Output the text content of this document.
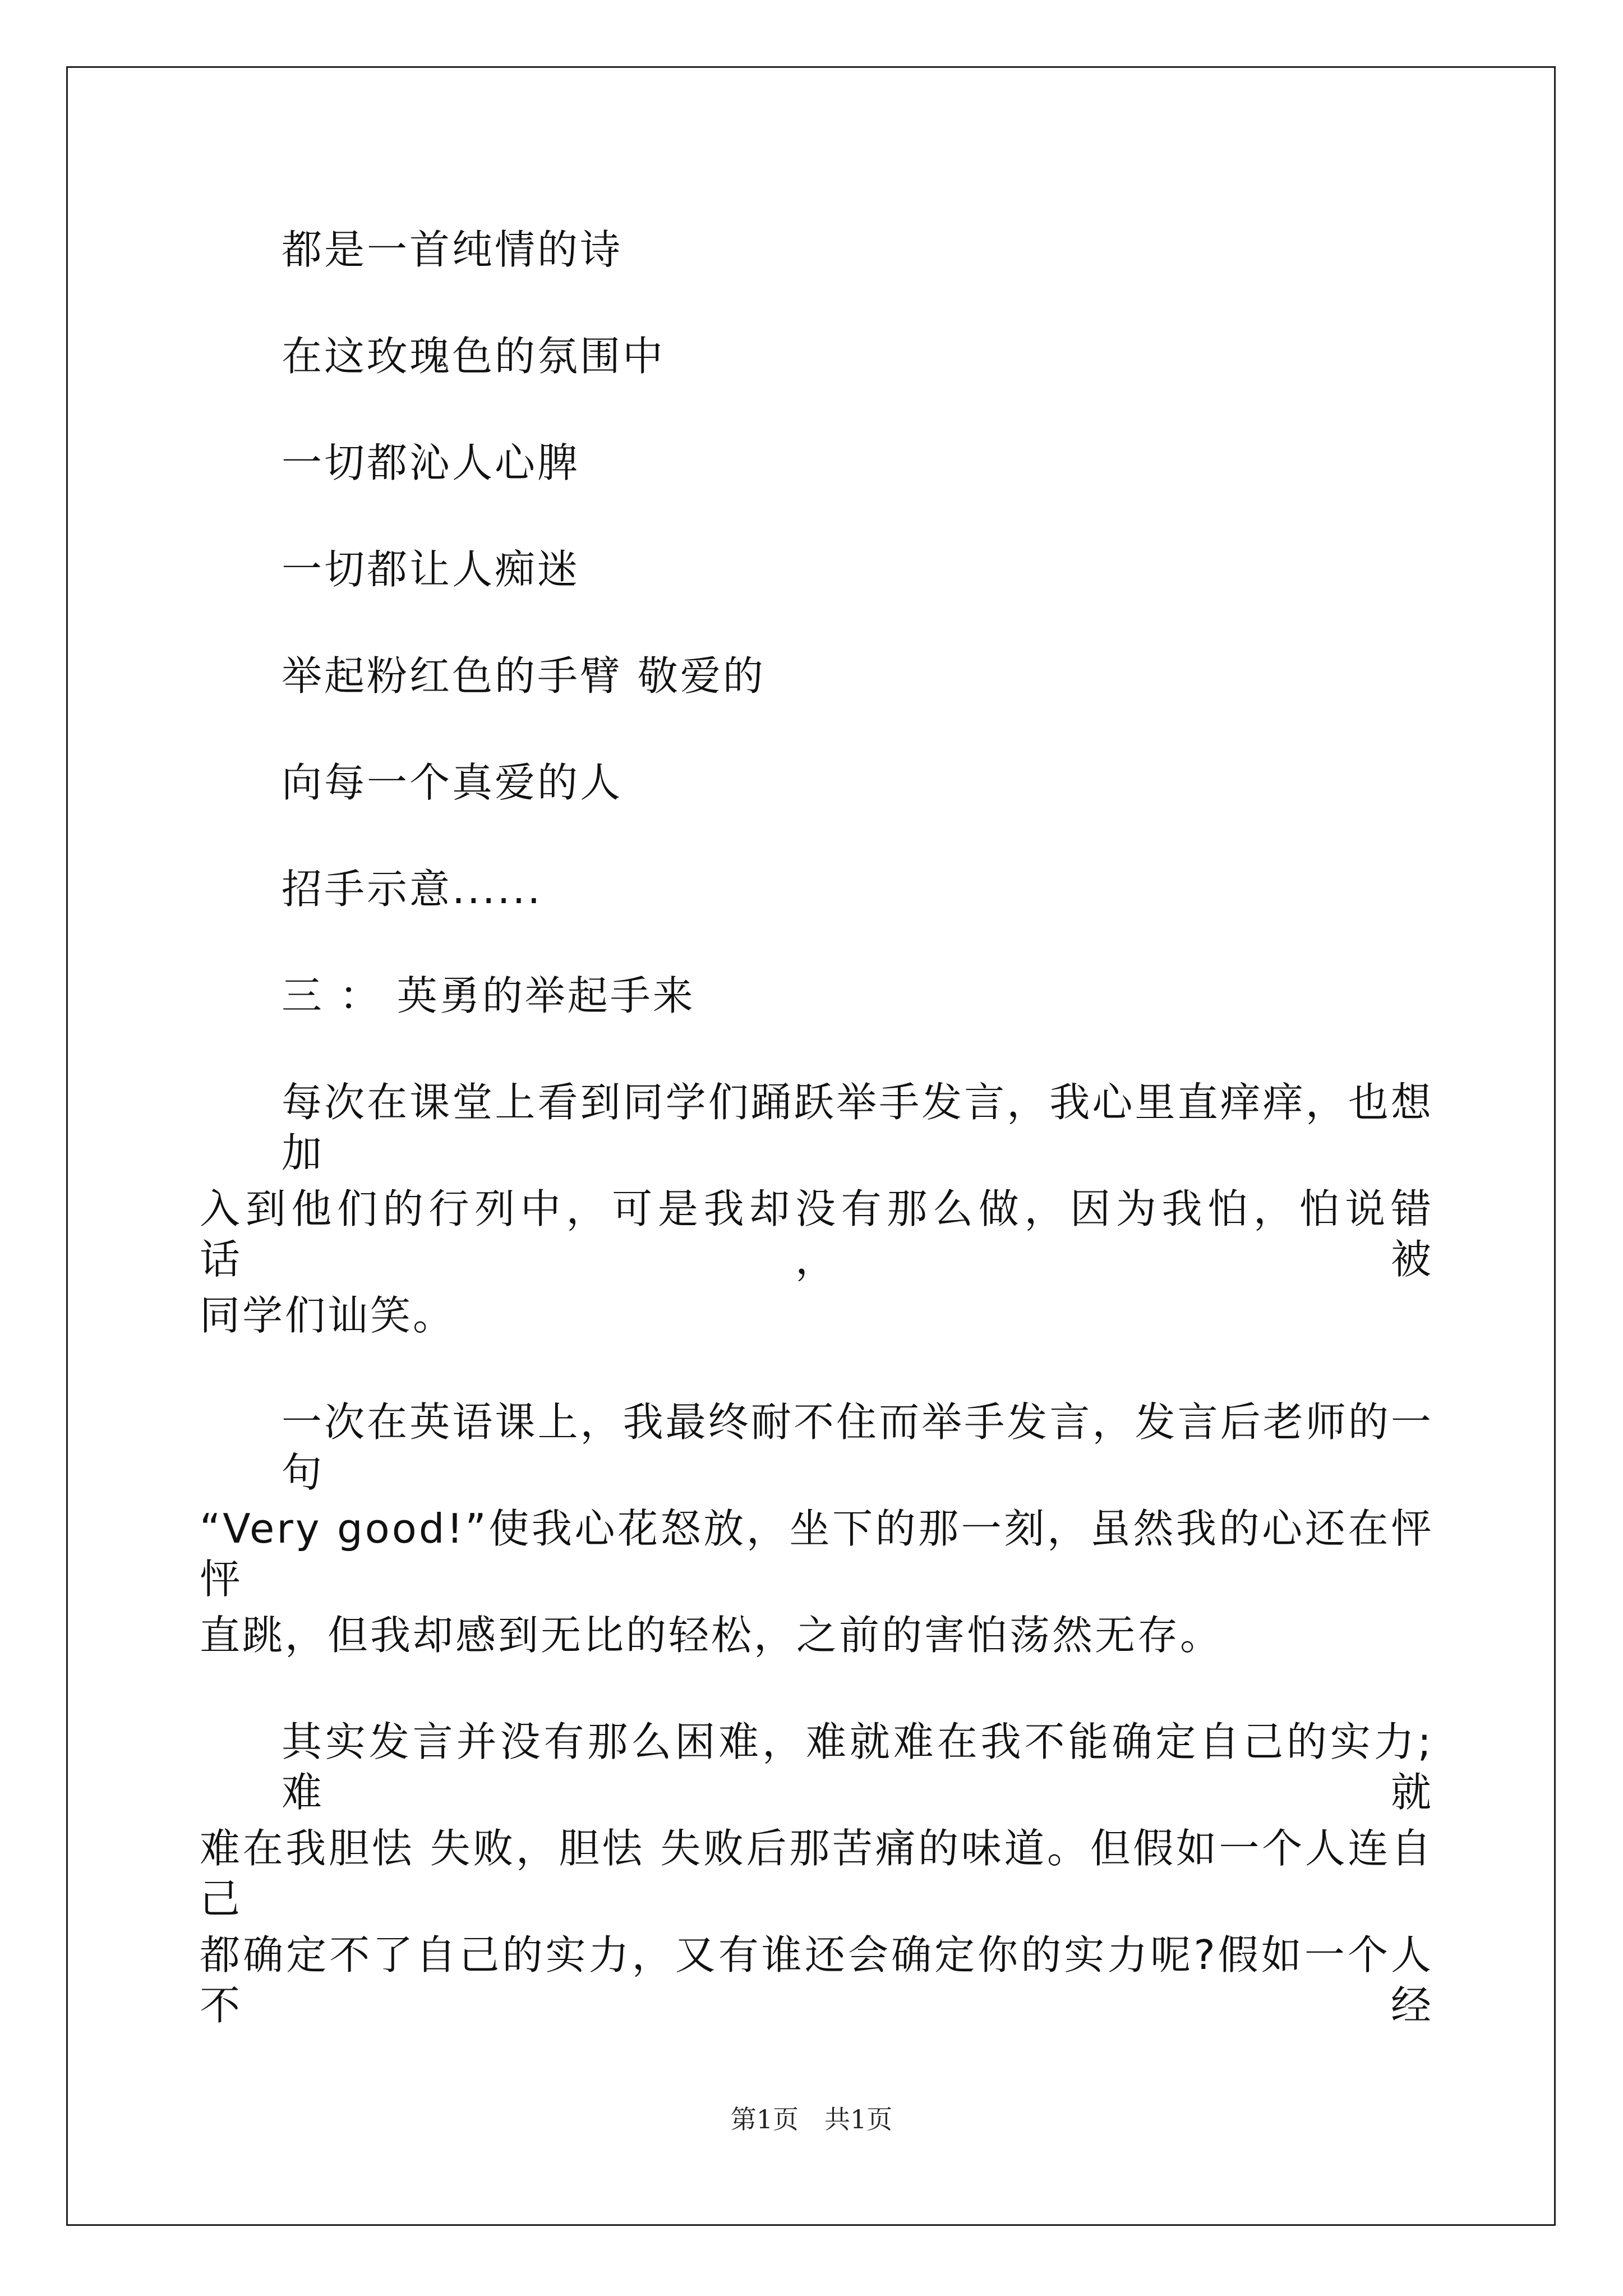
都是一首纯情的诗
在这玫瑰色的氛围中
一切都沁人心脾
一切都让人痴迷
举起粉红色的手臂 敬爱的
向每一个真爱的人
招手示意......
三 ： 英勇的举起手来
每次在课堂上看到同学们踊跃举手发言，我心里直痒痒，也想加
入到他们的行列中，可是我却没有那么做，因为我怕，怕说错话，被
同学们讪笑。
一次在英语课上，我最终耐不住而举手发言，发言后老师的一句
“Very good!”使我心花怒放，坐下的那一刻，虽然我的心还在怦怦
直跳，但我却感到无比的轻松，之前的害怕荡然无存。
其实发言并没有那么困难，难就难在我不能确定自己的实力;难就
难在我胆怯 失败，胆怯 失败后那苦痛的味道。但假如一个人连自己
都确定不了自己的实力，又有谁还会确定你的实力呢?假如一个人不经
第1页　共1页
